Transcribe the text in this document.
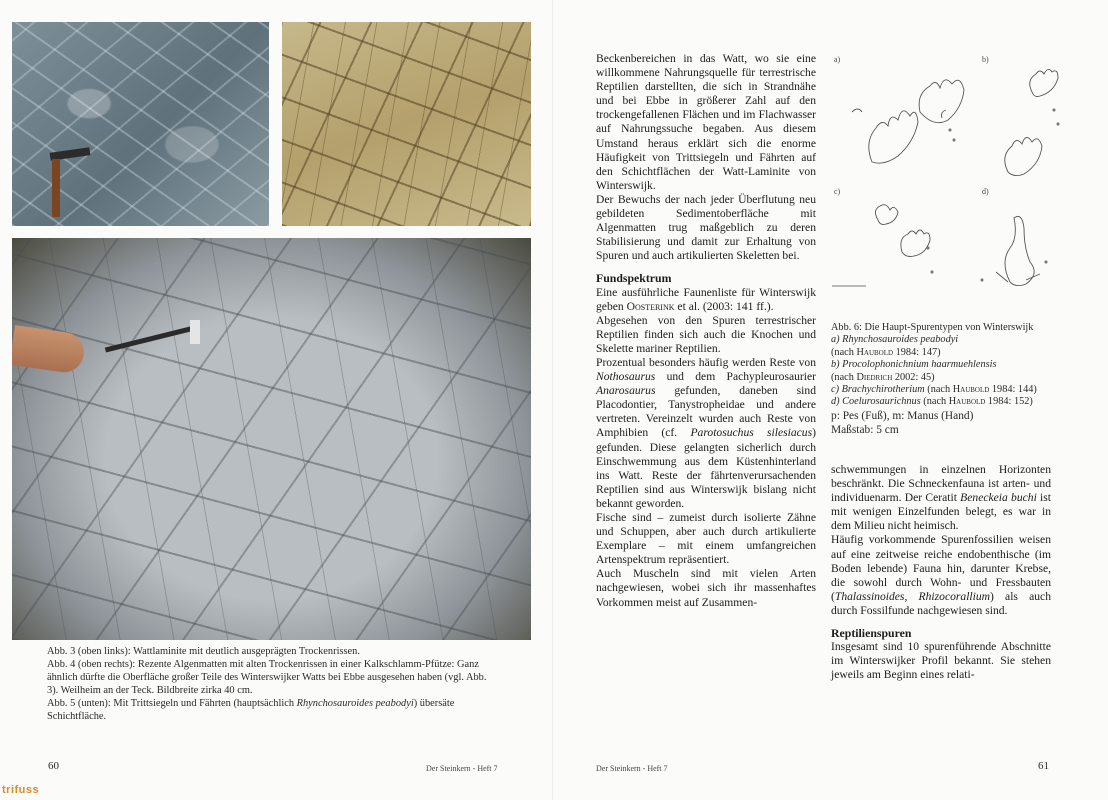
Abb. 3 (oben links): Wattlaminite mit deutlich ausgeprägten Trockenrissen.

Abb. 4 (oben rechts): Rezente Algenmatten mit alten Trockenrissen in einer Kalkschlamm-Pfütze: Ganz ähnlich dürfte die Oberfläche großer Teile des Winterswijker Watts bei Ebbe ausgesehen haben (vgl. Abb. 3). Weilheim an der Teck. Bildbreite zirka 40 cm.

Abb. 5 (unten): Mit Trittsiegeln und Fährten (hauptsächlich Rhynchosauroides peabodyi) übersäte Schichtfläche.

60	Der Steinkern - Heft 7
trifuss

Beckenbereichen in das Watt, wo sie eine willkommene Nahrungsquelle für terrestrische Reptilien darstellten, die sich in Strandnähe und bei Ebbe in größerer Zahl auf den trockengefallenen Flächen und im Flachwasser auf Nahrungssuche begaben. Aus diesem Umstand heraus erklärt sich die enorme Häufigkeit von Trittsiegeln und Fährten auf den Schichtflächen der Watt-Laminite von Winterswijk.

Der Bewuchs der nach jeder Überflutung neu gebildeten Sedimentoberfläche mit Algenmatten trug maßgeblich zu deren Stabilisierung und damit zur Erhaltung von Spuren und auch artikulierten Skeletten bei.

Fundspektrum

Eine ausführliche Faunenliste für Winterswijk geben Oosterink et al. (2003: 141 ff.).

Abgesehen von den Spuren terrestrischer Reptilien finden sich auch die Knochen und Skelette mariner Reptilien.

Prozentual besonders häufig werden Reste von Nothosaurus und dem Pachypleurosaurier Anarosaurus gefunden, daneben sind Placodontier, Tanystropheidae und andere vertreten. Vereinzelt wurden auch Reste von Amphibien (cf. Parotosuchus silesiacus) gefunden. Diese gelangten sicherlich durch Einschwemmung aus dem Küstenhinterland ins Watt. Reste der fährtenverursachenden Reptilien sind aus Winterswijk bislang nicht bekannt geworden.

Fische sind – zumeist durch isolierte Zähne und Schuppen, aber auch durch artikulierte Exemplare – mit einem umfangreichen Artenspektrum repräsentiert.

Auch Muscheln sind mit vielen Arten nachgewiesen, wobei sich ihr massenhaftes Vorkommen meist auf Zusammen-

a)	b)
c)	d)

Abb. 6: Die Haupt-Spurentypen von Winterswijk

a) Rhynchosauroides peabodyi

(nach Haubold 1984: 147)

b) Procolophonichnium haarmuehlensis

(nach Diedrich 2002: 45)

c) Brachychirotherium (nach Haubold 1984: 144)

d) Coelurosaurichnus (nach Haubold 1984: 152)

p: Pes (Fuß), m: Manus (Hand)

Maßstab: 5 cm

schwemmungen in einzelnen Horizonten beschränkt. Die Schneckenfauna ist arten- und individuenarm. Der Ceratit Beneckeia buchi ist mit wenigen Einzelfunden belegt, es war in dem Milieu nicht heimisch.

Häufig vorkommende Spurenfossilien weisen auf eine zeitweise reiche endobenthische (im Boden lebende) Fauna hin, darunter Krebse, die sowohl durch Wohn- und Fressbauten (Thalassinoides, Rhizocorallium) als auch durch Fossilfunde nachgewiesen sind.

Reptilienspuren

Insgesamt sind 10 spurenführende Abschnitte im Winterswijker Profil bekannt. Sie stehen jeweils am Beginn eines relati-

Der Steinkern - Heft 7	61
